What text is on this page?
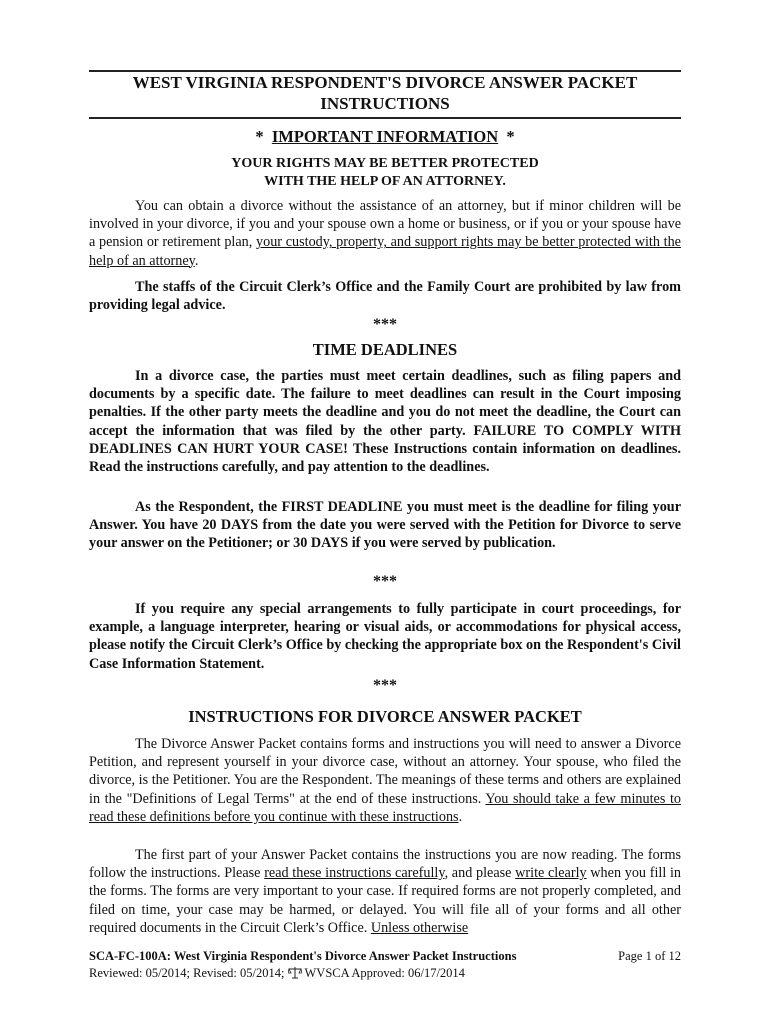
WEST VIRGINIA RESPONDENT'S DIVORCE ANSWER PACKET INSTRUCTIONS
* IMPORTANT INFORMATION *
YOUR RIGHTS MAY BE BETTER PROTECTED
WITH THE HELP OF AN ATTORNEY.
You can obtain a divorce without the assistance of an attorney, but if minor children will be involved in your divorce, if you and your spouse own a home or business, or if you or your spouse have a pension or retirement plan, your custody, property, and support rights may be better protected with the help of an attorney.
The staffs of the Circuit Clerk’s Office and the Family Court are prohibited by law from providing legal advice.
***
TIME DEADLINES
In a divorce case, the parties must meet certain deadlines, such as filing papers and documents by a specific date. The failure to meet deadlines can result in the Court imposing penalties. If the other party meets the deadline and you do not meet the deadline, the Court can accept the information that was filed by the other party. FAILURE TO COMPLY WITH DEADLINES CAN HURT YOUR CASE! These Instructions contain information on deadlines. Read the instructions carefully, and pay attention to the deadlines.
As the Respondent, the FIRST DEADLINE you must meet is the deadline for filing your Answer. You have 20 DAYS from the date you were served with the Petition for Divorce to serve your answer on the Petitioner; or 30 DAYS if you were served by publication.
***
If you require any special arrangements to fully participate in court proceedings, for example, a language interpreter, hearing or visual aids, or accommodations for physical access, please notify the Circuit Clerk’s Office by checking the appropriate box on the Respondent's Civil Case Information Statement.
***
INSTRUCTIONS FOR DIVORCE ANSWER PACKET
The Divorce Answer Packet contains forms and instructions you will need to answer a Divorce Petition, and represent yourself in your divorce case, without an attorney. Your spouse, who filed the divorce, is the Petitioner. You are the Respondent. The meanings of these terms and others are explained in the "Definitions of Legal Terms" at the end of these instructions. You should take a few minutes to read these definitions before you continue with these instructions.
The first part of your Answer Packet contains the instructions you are now reading. The forms follow the instructions. Please read these instructions carefully, and please write clearly when you fill in the forms. The forms are very important to your case. If required forms are not properly completed, and filed on time, your case may be harmed, or delayed. You will file all of your forms and all other required documents in the Circuit Clerk’s Office. Unless otherwise
SCA-FC-100A: West Virginia Respondent's Divorce Answer Packet Instructions	Page 1 of 12
Reviewed: 05/2014; Revised: 05/2014;  WVSCA Approved: 06/17/2014
